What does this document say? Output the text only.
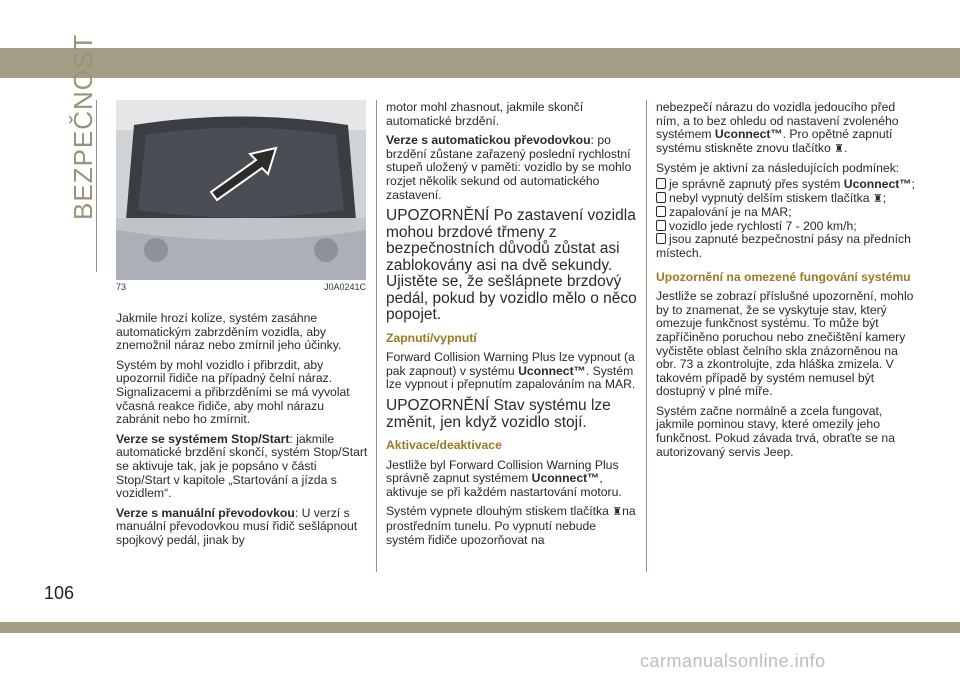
BEZPEČNOST
73	J0A0241C

Jakmile hrozí kolize, systém zasáhne automatickým zabrzděním vozidla, aby znemožnil náraz nebo zmírnil jeho účinky.

Systém by mohl vozidlo i přibrzdit, aby upozornil řidiče na případný čelní náraz. Signalizacemi a přibrzděními se má vyvolat včasná reakce řidiče, aby mohl nárazu zabránit nebo ho zmírnit.

Verze se systémem Stop/Start: jakmile automatické brzdění skončí, systém Stop/Start se aktivuje tak, jak je popsáno v části Stop/Start v kapitole „Startování a jízda s vozidlem“.

Verze s manuální převodovkou: U verzí s manuální převodovkou musí řidič sešlápnout spojkový pedál, jinak by

motor mohl zhasnout, jakmile skončí automatické brzdění.

Verze s automatickou převodovkou: po brzdění zůstane zařazený poslední rychlostní stupeň uložený v paměti: vozidlo by se mohlo rozjet několik sekund od automatického zastavení.

UPOZORNĚNÍ Po zastavení vozidla mohou brzdové třmeny z bezpečnostních důvodů zůstat asi zablokovány asi na dvě sekundy. Ujistěte se, že sešlápnete brzdový pedál, pokud by vozidlo mělo o něco popojet.

Zapnutí/vypnutí

Forward Collision Warning Plus lze vypnout (a pak zapnout) v systému Uconnect™. Systém lze vypnout i přepnutím zapalováním na MAR.

UPOZORNĚNÍ Stav systému lze změnit, jen když vozidlo stojí.

Aktivace/deaktivace

Jestliže byl Forward Collision Warning Plus správně zapnut systémem Uconnect™, aktivuje se při každém nastartování motoru.

Systém vypnete dlouhým stiskem tlačítka ♜na prostředním tunelu. Po vypnutí nebude systém řidiče upozorňovat na

nebezpečí nárazu do vozidla jedoucího před ním, a to bez ohledu od nastavení zvoleného systémem Uconnect™. Pro opětné zapnutí systému stiskněte znovu tlačítko ♜.

Systém je aktivní za následujících podmínek:

je správně zapnutý přes systém Uconnect™;
nebyl vypnutý delším stiskem tlačítka ♜;
zapalování je na MAR;
vozidlo jede rychlostí 7 - 200 km/h;
jsou zapnuté bezpečnostní pásy na předních místech.

Upozornění na omezené fungování systému

Jestliže se zobrazí příslušné upozornění, mohlo by to znamenat, že se vyskytuje stav, který omezuje funkčnost systému. To může být zapříčiněno poruchou nebo znečištění kamery vyčistěte oblast čelního skla znázorněnou na obr. 73 a zkontrolujte, zda hláška zmizela. V takovém případě by systém nemusel být dostupný v plné míře.

Systém začne normálně a zcela fungovat, jakmile pominou stavy, které omezily jeho funkčnost. Pokud závada trvá, obraťte se na autorizovaný servis Jeep.

106
carmanualsonline.info
